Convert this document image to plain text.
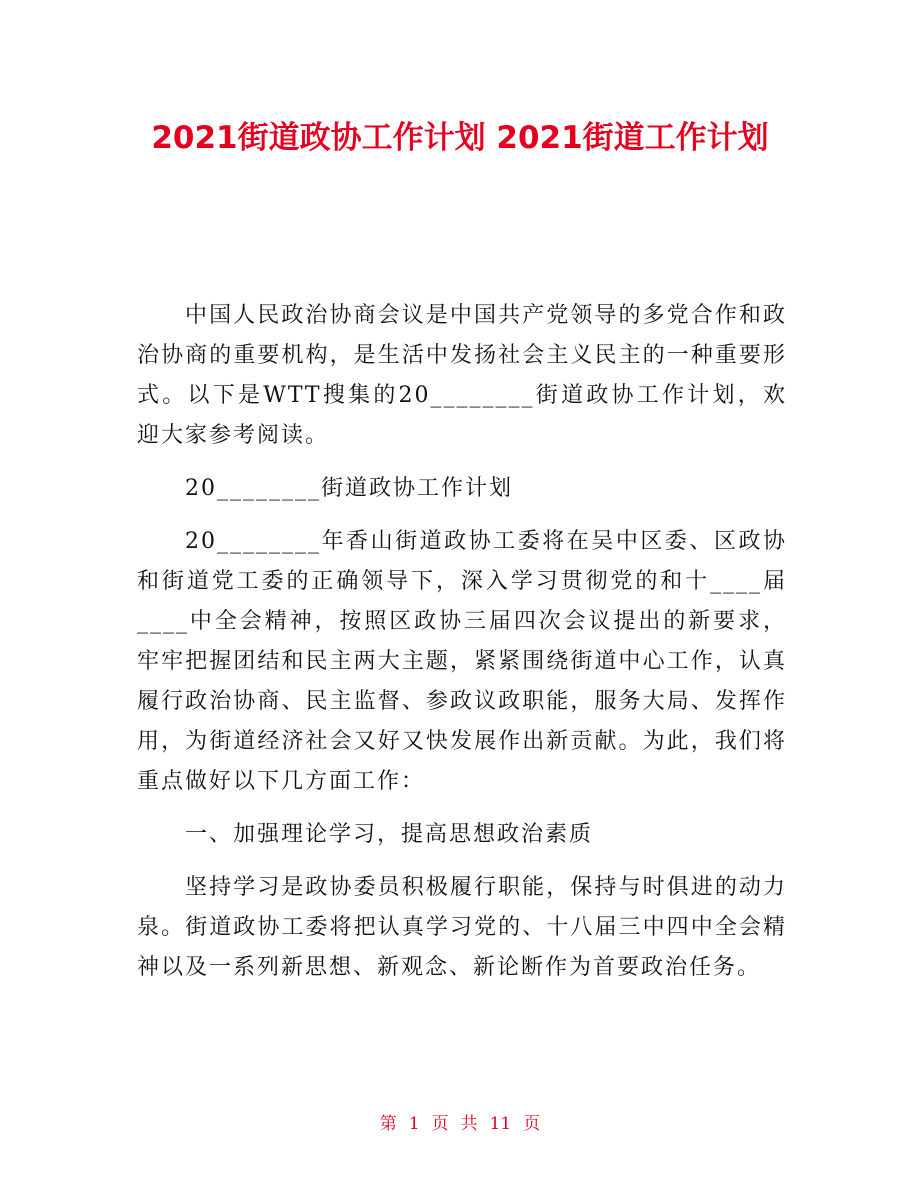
2021街道政协工作计划 2021街道工作计划

中国人民政治协商会议是中国共产党领导的多党合作和政治协商的重要机构，是生活中发扬社会主义民主的一种重要形式。以下是WTT搜集的20________街道政协工作计划，欢迎大家参考阅读。

20________街道政协工作计划

20________年香山街道政协工委将在吴中区委、区政协和街道党工委的正确领导下，深入学习贯彻党的和十____届____中全会精神，按照区政协三届四次会议提出的新要求，牢牢把握团结和民主两大主题，紧紧围绕街道中心工作，认真履行政治协商、民主监督、参政议政职能，服务大局、发挥作用，为街道经济社会又好又快发展作出新贡献。为此，我们将重点做好以下几方面工作：

一、加强理论学习，提高思想政治素质

坚持学习是政协委员积极履行职能，保持与时俱进的动力泉。街道政协工委将把认真学习党的、十八届三中四中全会精神以及一系列新思想、新观念、新论断作为首要政治任务。

第 1 页 共 11 页
